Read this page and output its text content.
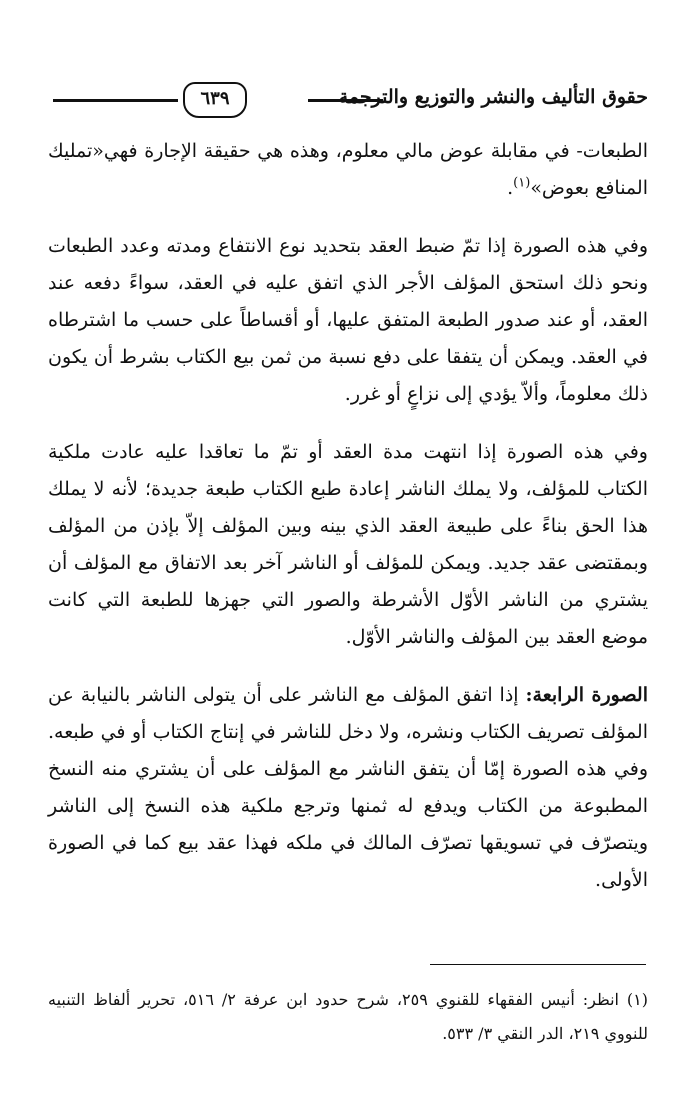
حقوق التأليف والنشر والتوزيع والترجمة
٦٣٩

الطبعات- في مقابلة عوض مالي معلوم، وهذه هي حقيقة الإجارة فهي«تمليك المنافع بعوض»$^{(١)}$.

وفي هذه الصورة إذا تمّ ضبط العقد بتحديد نوع الانتفاع ومدته وعدد الطبعات ونحو ذلك استحق المؤلف الأجر الذي اتفق عليه في العقد، سواءً دفعه عند العقد، أو عند صدور الطبعة المتفق عليها، أو أقساطاً على حسب ما اشترطاه في العقد. ويمكن أن يتفقا على دفع نسبة من ثمن بيع الكتاب بشرط أن يكون ذلك معلوماً، وألاّ يؤدي إلى نزاعٍ أو غرر.

وفي هذه الصورة إذا انتهت مدة العقد أو تمّ ما تعاقدا عليه عادت ملكية الكتاب للمؤلف، ولا يملك الناشر إعادة طبع الكتاب طبعة جديدة؛ لأنه لا يملك هذا الحق بناءً على طبيعة العقد الذي بينه وبين المؤلف إلاّ بإذن من المؤلف وبمقتضى عقد جديد. ويمكن للمؤلف أو الناشر آخر بعد الاتفاق مع المؤلف أن يشتري من الناشر الأوّل الأشرطة والصور التي جهزها للطبعة التي كانت موضع العقد بين المؤلف والناشر الأوّل.

الصورة الرابعة: إذا اتفق المؤلف مع الناشر على أن يتولى الناشر بالنيابة عن المؤلف تصريف الكتاب ونشره، ولا دخل للناشر في إنتاج الكتاب أو في طبعه. وفي هذه الصورة إمّا أن يتفق الناشر مع المؤلف على أن يشتري منه النسخ المطبوعة من الكتاب ويدفع له ثمنها وترجع ملكية هذه النسخ إلى الناشر ويتصرّف في تسويقها تصرّف المالك في ملكه فهذا عقد بيع كما في الصورة الأولى.

(١) انظر: أنيس الفقهاء للقنوي ٢٥٩، شرح حدود ابن عرفة ٢/ ٥١٦، تحرير ألفاظ التنبيه للنووي ٢١٩، الدر النقي ٣/ ٥٣٣.
